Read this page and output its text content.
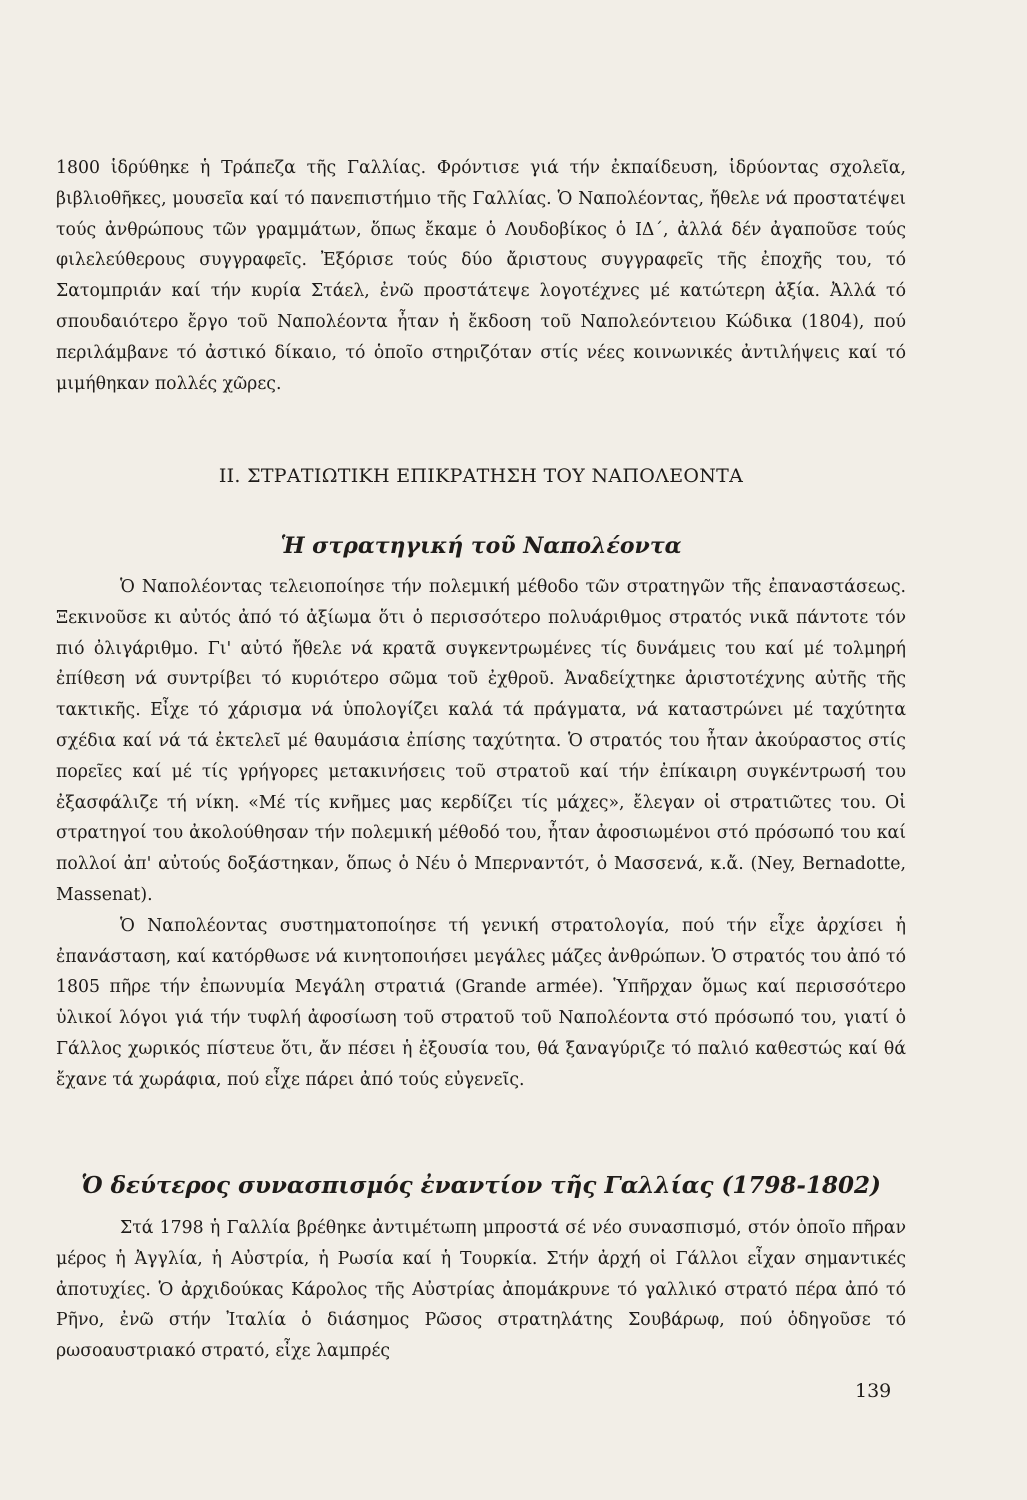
1800 ἱδρύθηκε ἡ Τράπεζα τῆς Γαλλίας. Φρόντισε γιά τήν ἐκπαίδευση, ἱδρύοντας σχολεῖα, βιβλιοθῆκες, μουσεῖα καί τό πανεπιστήμιο τῆς Γαλλίας. Ὁ Ναπολέοντας, ἤθελε νά προστατέψει τούς ἀνθρώπους τῶν γραμμάτων, ὅπως ἔκαμε ὁ Λουδοβίκος ὁ ΙΔ΄, ἀλλά δέν ἀγαποῦσε τούς φιλελεύθερους συγγραφεῖς. Ἐξόρισε τούς δύο ἄριστους συγγραφεῖς τῆς ἐποχῆς του, τό Σατομπριάν καί τήν κυρία Στάελ, ἐνῶ προστάτεψε λογοτέχνες μέ κατώτερη ἀξία. Ἀλλά τό σπουδαιότερο ἔργο τοῦ Ναπολέοντα ἦταν ἡ ἔκδοση τοῦ Ναπολεόντειου Κώδικα (1804), πού περιλάμβανε τό ἀστικό δίκαιο, τό ὁποῖο στηριζόταν στίς νέες κοινωνικές ἀντιλήψεις καί τό μιμήθηκαν πολλές χῶρες.

II. ΣΤΡΑΤΙΩΤΙΚΗ ΕΠΙΚΡΑΤΗΣΗ ΤΟΥ ΝΑΠΟΛΕΟΝΤΑ
Ἡ στρατηγική τοῦ Ναπολέοντα

Ὁ Ναπολέοντας τελειοποίησε τήν πολεμική μέθοδο τῶν στρατηγῶν τῆς ἐπαναστάσεως. Ξεκινοῦσε κι αὐτός ἀπό τό ἀξίωμα ὅτι ὁ περισσότερο πολυάριθμος στρατός νικᾶ πάντοτε τόν πιό ὀλιγάριθμο. Γι' αὐτό ἤθελε νά κρατᾶ συγκεντρωμένες τίς δυνάμεις του καί μέ τολμηρή ἐπίθεση νά συντρίβει τό κυριότερο σῶμα τοῦ ἐχθροῦ. Ἀναδείχτηκε ἀριστοτέχνης αὐτῆς τῆς τακτικῆς. Εἶχε τό χάρισμα νά ὑπολογίζει καλά τά πράγματα, νά καταστρώνει μέ ταχύτητα σχέδια καί νά τά ἐκτελεῖ μέ θαυμάσια ἐπίσης ταχύτητα. Ὁ στρατός του ἦταν ἀκούραστος στίς πορεῖες καί μέ τίς γρήγορες μετακινήσεις τοῦ στρατοῦ καί τήν ἐπίκαιρη συγκέντρωσή του ἐξασφάλιζε τή νίκη. «Μέ τίς κνῆμες μας κερδίζει τίς μάχες», ἔλεγαν οἱ στρατιῶτες του. Οἱ στρατηγοί του ἀκολούθησαν τήν πολεμική μέθοδό του, ἦταν ἀφοσιωμένοι στό πρόσωπό του καί πολλοί ἀπ' αὐτούς δοξάστηκαν, ὅπως ὁ Νέυ ὁ Μπερναντότ, ὁ Μασσενά, κ.ἄ. (Ney, Bernadotte, Massenat).

Ὁ Ναπολέοντας συστηματοποίησε τή γενική στρατολογία, πού τήν εἶχε ἀρχίσει ἡ ἐπανάσταση, καί κατόρθωσε νά κινητοποιήσει μεγάλες μάζες ἀνθρώπων. Ὁ στρατός του ἀπό τό 1805 πῆρε τήν ἐπωνυμία Μεγάλη στρατιά (Grande armée). Ὑπῆρχαν ὅμως καί περισσότερο ὑλικοί λόγοι γιά τήν τυφλή ἀφοσίωση τοῦ στρατοῦ τοῦ Ναπολέοντα στό πρόσωπό του, γιατί ὁ Γάλλος χωρικός πίστευε ὅτι, ἄν πέσει ἡ ἐξουσία του, θά ξαναγύριζε τό παλιό καθεστώς καί θά ἔχανε τά χωράφια, πού εἶχε πάρει ἀπό τούς εὐγενεῖς.

Ὁ δεύτερος συνασπισμός ἐναντίον τῆς Γαλλίας (1798-1802)

Στά 1798 ἡ Γαλλία βρέθηκε ἀντιμέτωπη μπροστά σέ νέο συνασπισμό, στόν ὁποῖο πῆραν μέρος ἡ Ἀγγλία, ἡ Αὐστρία, ἡ Ρωσία καί ἡ Τουρκία. Στήν ἀρχή οἱ Γάλλοι εἶχαν σημαντικές ἀποτυχίες. Ὁ ἀρχιδούκας Κάρολος τῆς Αὐστρίας ἀπομάκρυνε τό γαλλικό στρατό πέρα ἀπό τό Ρῆνο, ἐνῶ στήν Ἰταλία ὁ διάσημος Ρῶσος στρατηλάτης Σουβάρωφ, πού ὁδηγοῦσε τό ρωσοαυστριακό στρατό, εἶχε λαμπρές

139
